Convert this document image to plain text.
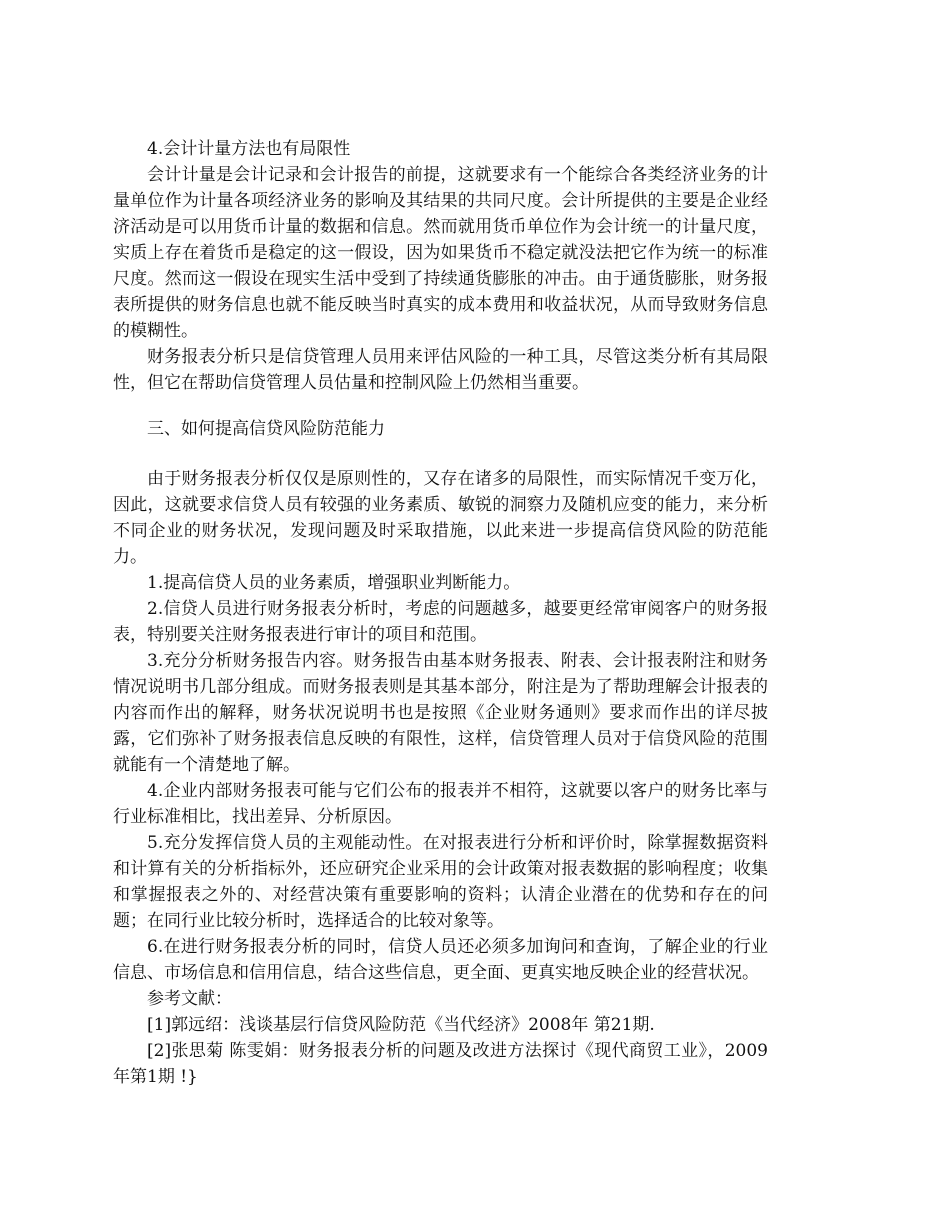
4.会计计量方法也有局限性

会计计量是会计记录和会计报告的前提，这就要求有一个能综合各类经济业务的计量单位作为计量各项经济业务的影响及其结果的共同尺度。会计所提供的主要是企业经济活动是可以用货币计量的数据和信息。然而就用货币单位作为会计统一的计量尺度，实质上存在着货币是稳定的这一假设，因为如果货币不稳定就没法把它作为统一的标准尺度。然而这一假设在现实生活中受到了持续通货膨胀的冲击。由于通货膨胀，财务报表所提供的财务信息也就不能反映当时真实的成本费用和收益状况，从而导致财务信息的模糊性。

财务报表分析只是信贷管理人员用来评估风险的一种工具，尽管这类分析有其局限性，但它在帮助信贷管理人员估量和控制风险上仍然相当重要。

三、如何提高信贷风险防范能力

由于财务报表分析仅仅是原则性的，又存在诸多的局限性，而实际情况千变万化，因此，这就要求信贷人员有较强的业务素质、敏锐的洞察力及随机应变的能力，来分析不同企业的财务状况，发现问题及时采取措施，以此来进一步提高信贷风险的防范能力。

1.提高信贷人员的业务素质，增强职业判断能力。

2.信贷人员进行财务报表分析时，考虑的问题越多，越要更经常审阅客户的财务报表，特别要关注财务报表进行审计的项目和范围。

3.充分分析财务报告内容。财务报告由基本财务报表、附表、会计报表附注和财务情况说明书几部分组成。而财务报表则是其基本部分，附注是为了帮助理解会计报表的内容而作出的解释，财务状况说明书也是按照《企业财务通则》要求而作出的详尽披露，它们弥补了财务报表信息反映的有限性，这样，信贷管理人员对于信贷风险的范围就能有一个清楚地了解。

4.企业内部财务报表可能与它们公布的报表并不相符，这就要以客户的财务比率与行业标准相比，找出差异、分析原因。

5.充分发挥信贷人员的主观能动性。在对报表进行分析和评价时，除掌握数据资料和计算有关的分析指标外，还应研究企业采用的会计政策对报表数据的影响程度；收集和掌握报表之外的、对经营决策有重要影响的资料；认清企业潜在的优势和存在的问题；在同行业比较分析时，选择适合的比较对象等。

6.在进行财务报表分析的同时，信贷人员还必须多加询问和查询，了解企业的行业信息、市场信息和信用信息，结合这些信息，更全面、更真实地反映企业的经营状况。

参考文献：

[1]郭远绍：浅谈基层行信贷风险防范《当代经济》2008年 第21期.

[2]张思菊 陈雯娟：财务报表分析的问题及改进方法探讨《现代商贸工业》，2009年第1期 !}
